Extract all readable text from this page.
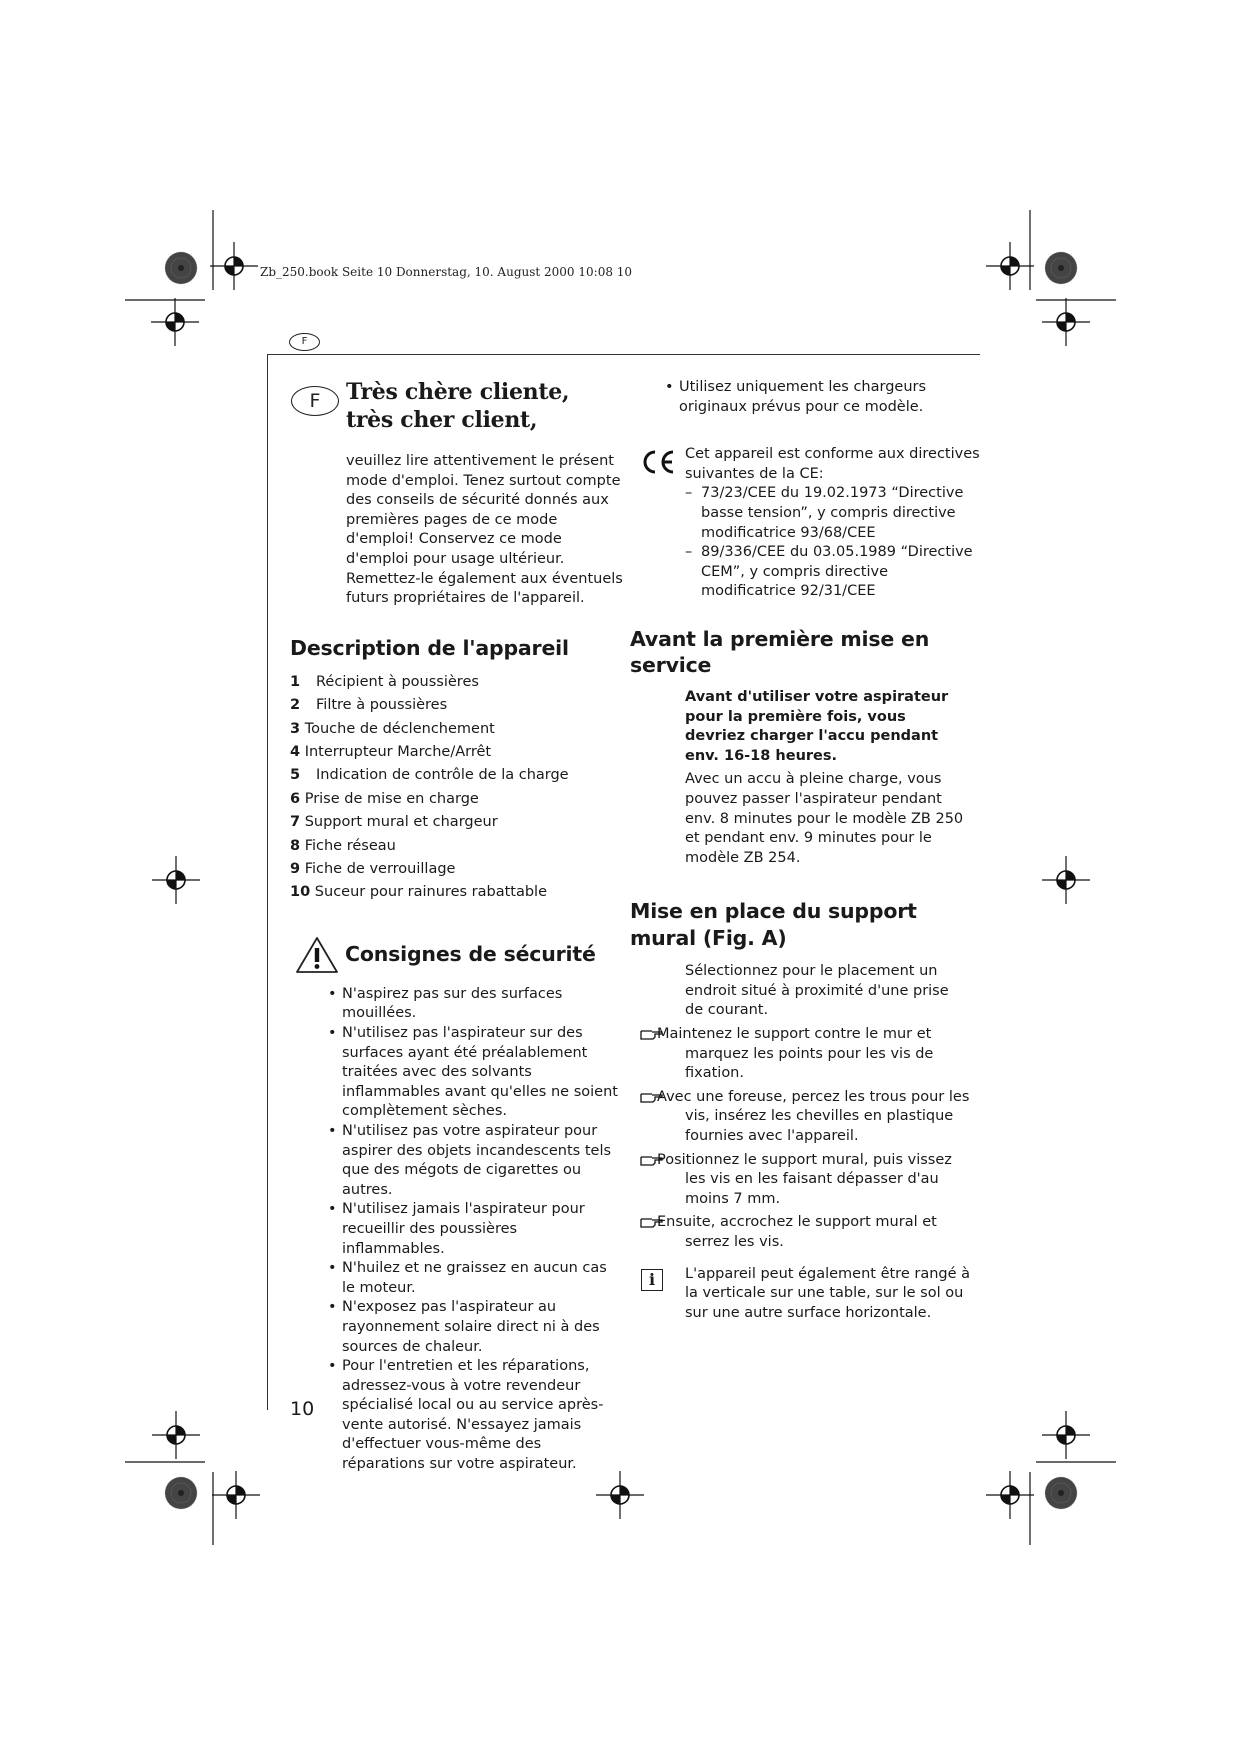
Zb_250.book Seite 10 Donnerstag, 10. August 2000 10:08 10
F
F	Très chère cliente,
très cher client,

veuillez lire attentivement le présent mode d'emploi. Tenez surtout compte des conseils de sécurité donnés aux premières pages de ce mode d'emploi! Conservez ce mode d'emploi pour usage ultérieur. Remettez-le également aux éventuels futurs propriétaires de l'appareil.

Description de l'appareil
1 Récipient à poussières
2 Filtre à poussières
3 Touche de déclenchement
4 Interrupteur Marche/Arrêt
5 Indication de contrôle de la charge
6 Prise de mise en charge
7 Support mural et chargeur
8 Fiche réseau
9 Fiche de verrouillage
10 Suceur pour rainures rabattable
Consignes de sécurité
• N'aspirez pas sur des surfaces mouillées.
• N'utilisez pas l'aspirateur sur des surfaces ayant été préalablement traitées avec des solvants inflammables avant qu'elles ne soient complètement sèches.
• N'utilisez pas votre aspirateur pour aspirer des objets incandescents tels que des mégots de cigarettes ou autres.
• N'utilisez jamais l'aspirateur pour recueillir des poussières inflammables.
• N'huilez et ne graissez en aucun cas le moteur.
• N'exposez pas l'aspirateur au rayonnement solaire direct ni à des sources de chaleur.
• Pour l'entretien et les réparations, adressez-vous à votre revendeur spécialisé local ou au service après-vente autorisé. N'essayez jamais d'effectuer vous-même des réparations sur votre aspirateur.
10
• Utilisez uniquement les chargeurs originaux prévus pour ce modèle.

Cet appareil est conforme aux directives suivantes de la CE:

– 73/23/CEE du 19.02.1973 “Directive basse tension”, y compris directive modificatrice 93/68/CEE
– 89/336/CEE du 03.05.1989 “Directive CEM”, y compris directive modificatrice 92/31/CEE
Avant la première mise en service

Avant d'utiliser votre aspirateur pour la première fois, vous devriez charger l'accu pendant env. 16-18 heures.

Avec un accu à pleine charge, vous pouvez passer l'aspirateur pendant env. 8 minutes pour le modèle ZB 250 et pendant env. 9 minutes pour le modèle ZB 254.

Mise en place du support mural (Fig. A)

Sélectionnez pour le placement un endroit situé à proximité d'une prise de courant.

Maintenez le support contre le mur et marquez les points pour les vis de fixation.

Avec une foreuse, percez les trous pour les vis, insérez les chevilles en plastique fournies avec l'appareil.

Positionnez le support mural, puis vissez les vis en les faisant dépasser d'au moins 7 mm.

Ensuite, accrochez le support mural et serrez les vis.

i	L'appareil peut également être rangé à la verticale sur une table, sur le sol ou sur une autre surface horizontale.
